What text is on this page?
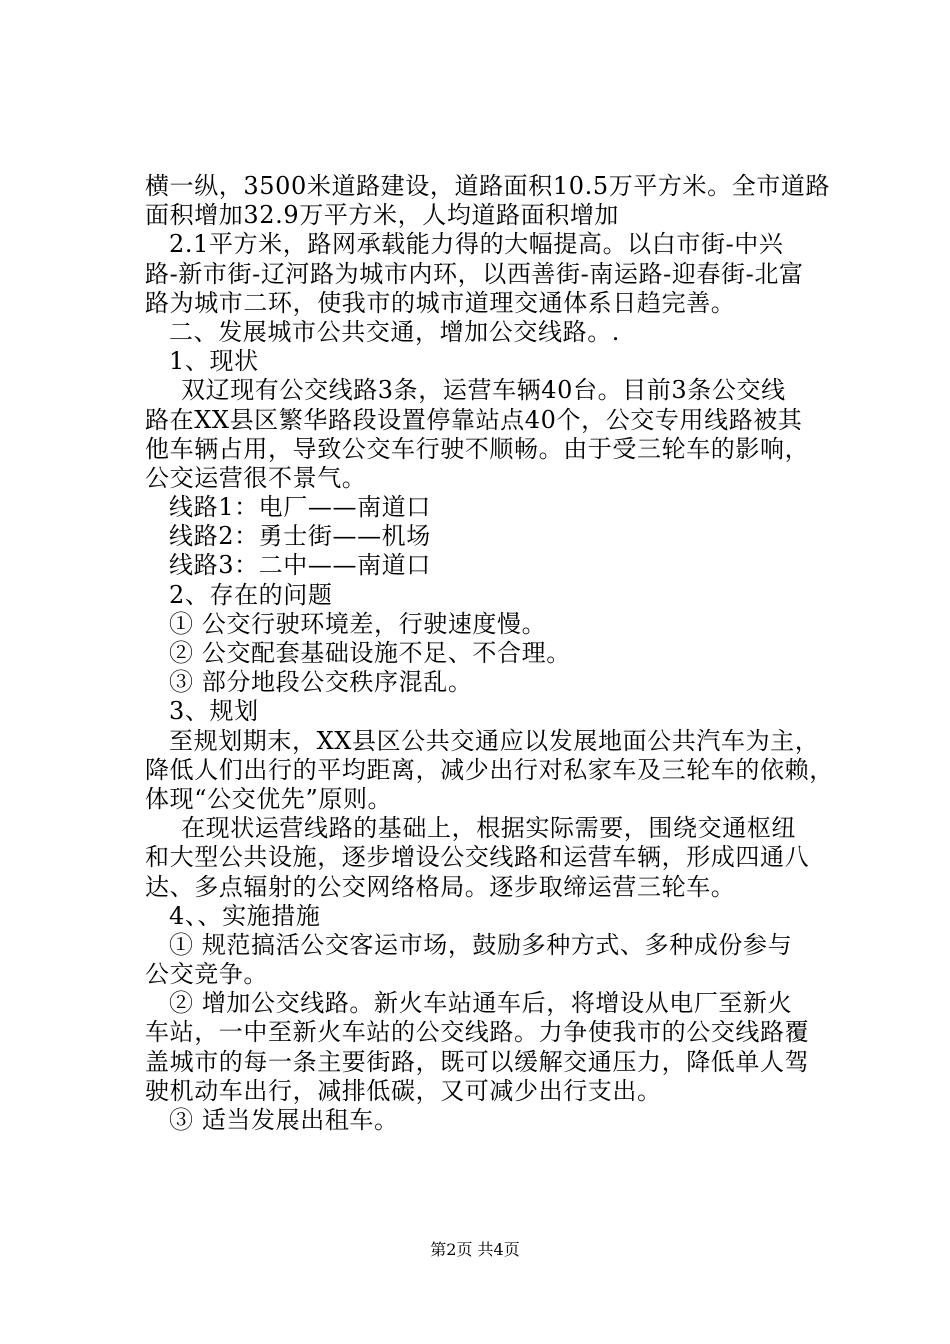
横一纵，3500米道路建设，道路面积10.5万平方米。全市道路
面积增加32.9万平方米，人均道路面积增加
2.1平方米，路网承载能力得的大幅提高。以白市街-中兴
路-新市街-辽河路为城市内环，以西善街-南运路-迎春街-北富
路为城市二环，使我市的城市道理交通体系日趋完善。
二、发展城市公共交通，增加公交线路。.
1、现状
双辽现有公交线路3条，运营车辆40台。目前3条公交线
路在XX县区繁华路段设置停靠站点40个，公交专用线路被其
他车辆占用，导致公交车行驶不顺畅。由于受三轮车的影响，
公交运营很不景气。
线路1：电厂——南道口
线路2：勇士街——机场
线路3：二中——南道口
2、存在的问题
① 公交行驶环境差，行驶速度慢。
② 公交配套基础设施不足、不合理。
③ 部分地段公交秩序混乱。
3、规划
至规划期末，XX县区公共交通应以发展地面公共汽车为主，
降低人们出行的平均距离，减少出行对私家车及三轮车的依赖，
体现“公交优先”原则。
在现状运营线路的基础上，根据实际需要，围绕交通枢纽
和大型公共设施，逐步增设公交线路和运营车辆，形成四通八
达、多点辐射的公交网络格局。逐步取缔运营三轮车。
4、、实施措施
① 规范搞活公交客运市场，鼓励多种方式、多种成份参与
公交竞争。
② 增加公交线路。新火车站通车后，将增设从电厂至新火
车站，一中至新火车站的公交线路。力争使我市的公交线路覆
盖城市的每一条主要街路，既可以缓解交通压力，降低单人驾
驶机动车出行，减排低碳，又可减少出行支出。
③ 适当发展出租车。
第2页 共4页
